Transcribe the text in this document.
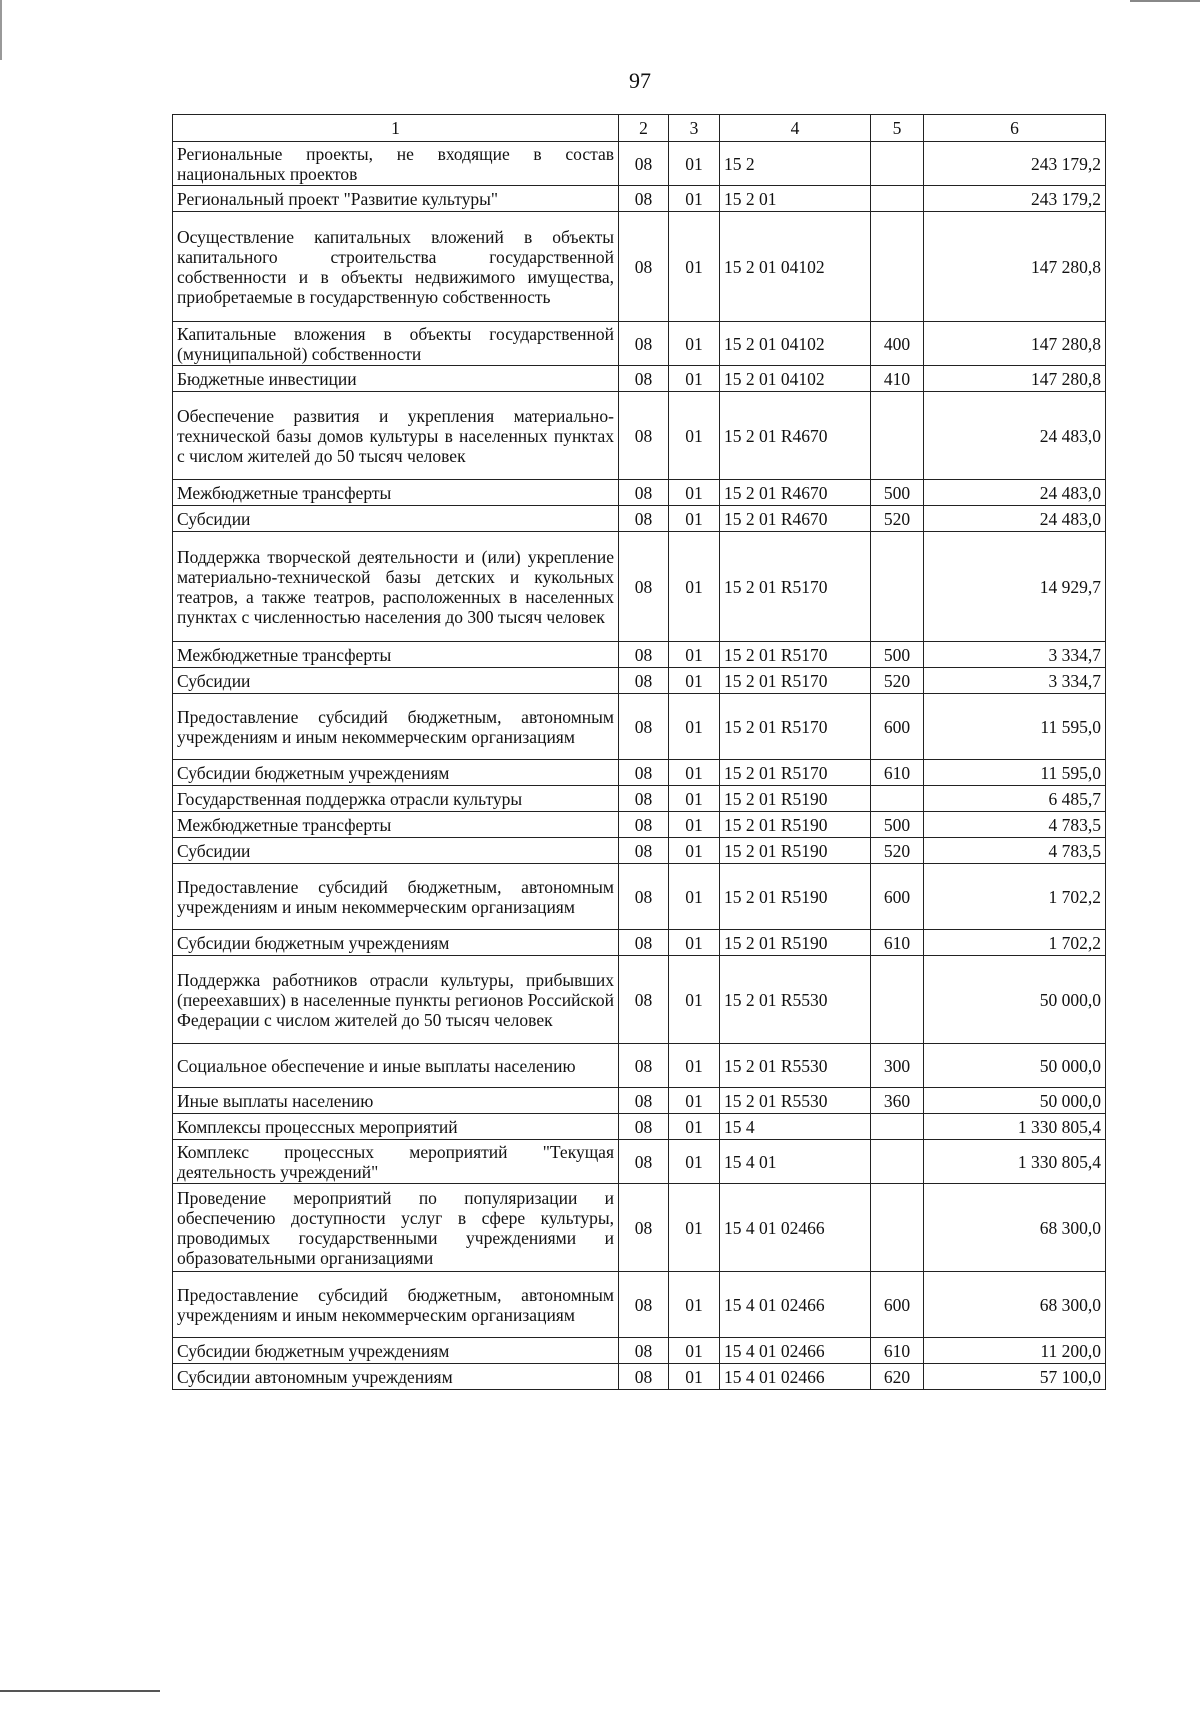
97
1	2	3	4	5	6
Региональные проекты, не входящие в состав национальных проектов	08	01	15 2		243 179,2
Региональный проект "Развитие культуры"	08	01	15 2 01		243 179,2
Осуществление капитальных вложений в объекты капитального строительства государственной собственности и в объекты недвижимого имущества, приобретаемые в государственную собственность	08	01	15 2 01 04102		147 280,8
Капитальные вложения в объекты государственной (муниципальной) собственности	08	01	15 2 01 04102	400	147 280,8
Бюджетные инвестиции	08	01	15 2 01 04102	410	147 280,8
Обеспечение развития и укрепления материально-технической базы домов культуры в населенных пунктах с числом жителей до 50 тысяч человек	08	01	15 2 01 R4670		24 483,0
Межбюджетные трансферты	08	01	15 2 01 R4670	500	24 483,0
Субсидии	08	01	15 2 01 R4670	520	24 483,0
Поддержка творческой деятельности и (или) укрепление материально-технической базы детских и кукольных театров, а также театров, расположенных в населенных пунктах с численностью населения до 300 тысяч человек	08	01	15 2 01 R5170		14 929,7
Межбюджетные трансферты	08	01	15 2 01 R5170	500	3 334,7
Субсидии	08	01	15 2 01 R5170	520	3 334,7
Предоставление субсидий бюджетным, автономным учреждениям и иным некоммерческим организациям	08	01	15 2 01 R5170	600	11 595,0
Субсидии бюджетным учреждениям	08	01	15 2 01 R5170	610	11 595,0
Государственная поддержка отрасли культуры	08	01	15 2 01 R5190		6 485,7
Межбюджетные трансферты	08	01	15 2 01 R5190	500	4 783,5
Субсидии	08	01	15 2 01 R5190	520	4 783,5
Предоставление субсидий бюджетным, автономным учреждениям и иным некоммерческим организациям	08	01	15 2 01 R5190	600	1 702,2
Субсидии бюджетным учреждениям	08	01	15 2 01 R5190	610	1 702,2
Поддержка работников отрасли культуры, прибывших (переехавших) в населенные пункты регионов Российской Федерации с числом жителей до 50 тысяч человек	08	01	15 2 01 R5530		50 000,0
Социальное обеспечение и иные выплаты населению	08	01	15 2 01 R5530	300	50 000,0
Иные выплаты населению	08	01	15 2 01 R5530	360	50 000,0
Комплексы процессных мероприятий	08	01	15 4		1 330 805,4
Комплекс процессных мероприятий "Текущая деятельность учреждений"	08	01	15 4 01		1 330 805,4
Проведение мероприятий по популяризации и обеспечению доступности услуг в сфере культуры, проводимых государственными учреждениями и образовательными организациями	08	01	15 4 01 02466		68 300,0
Предоставление субсидий бюджетным, автономным учреждениям и иным некоммерческим организациям	08	01	15 4 01 02466	600	68 300,0
Субсидии бюджетным учреждениям	08	01	15 4 01 02466	610	11 200,0
Субсидии автономным учреждениям	08	01	15 4 01 02466	620	57 100,0
